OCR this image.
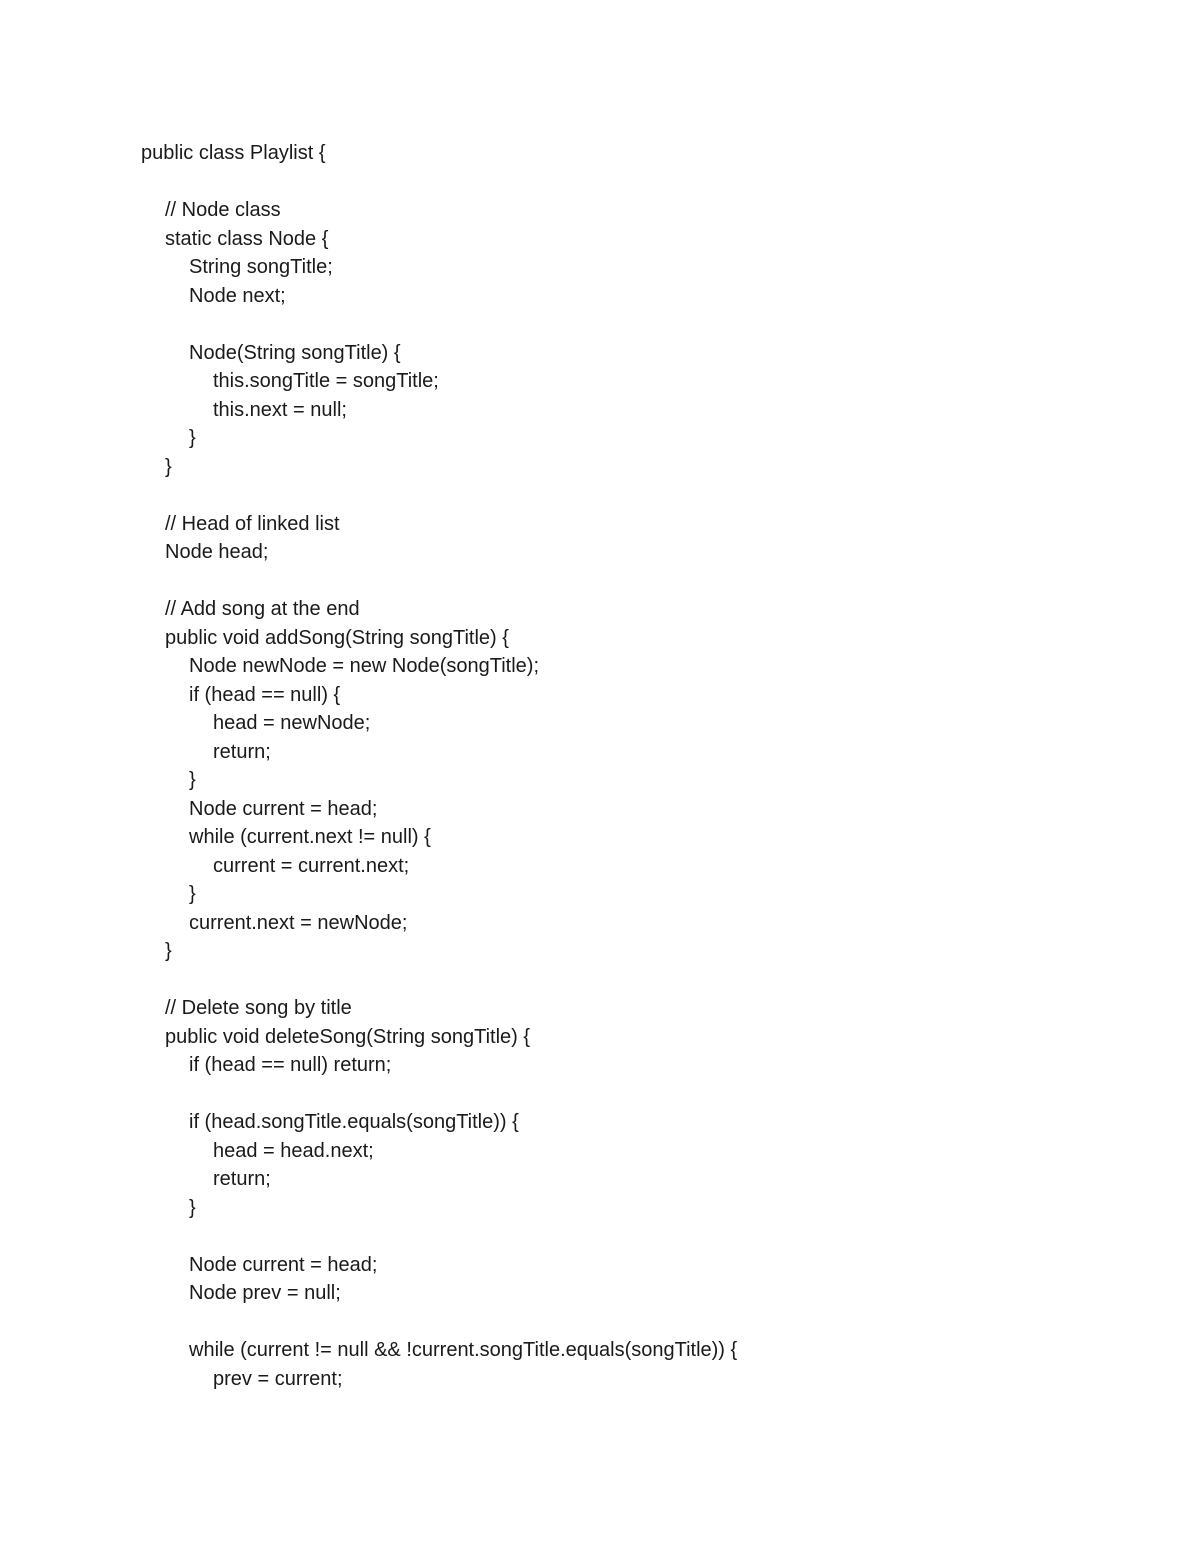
public class Playlist {
// Node class
static class Node {
String songTitle;
Node next;
Node(String songTitle) {
this.songTitle = songTitle;
this.next = null;
}
}
// Head of linked list
Node head;
// Add song at the end
public void addSong(String songTitle) {
Node newNode = new Node(songTitle);
if (head == null) {
head = newNode;
return;
}
Node current = head;
while (current.next != null) {
current = current.next;
}
current.next = newNode;
}
// Delete song by title
public void deleteSong(String songTitle) {
if (head == null) return;
if (head.songTitle.equals(songTitle)) {
head = head.next;
return;
}
Node current = head;
Node prev = null;
while (current != null && !current.songTitle.equals(songTitle)) {
prev = current;
